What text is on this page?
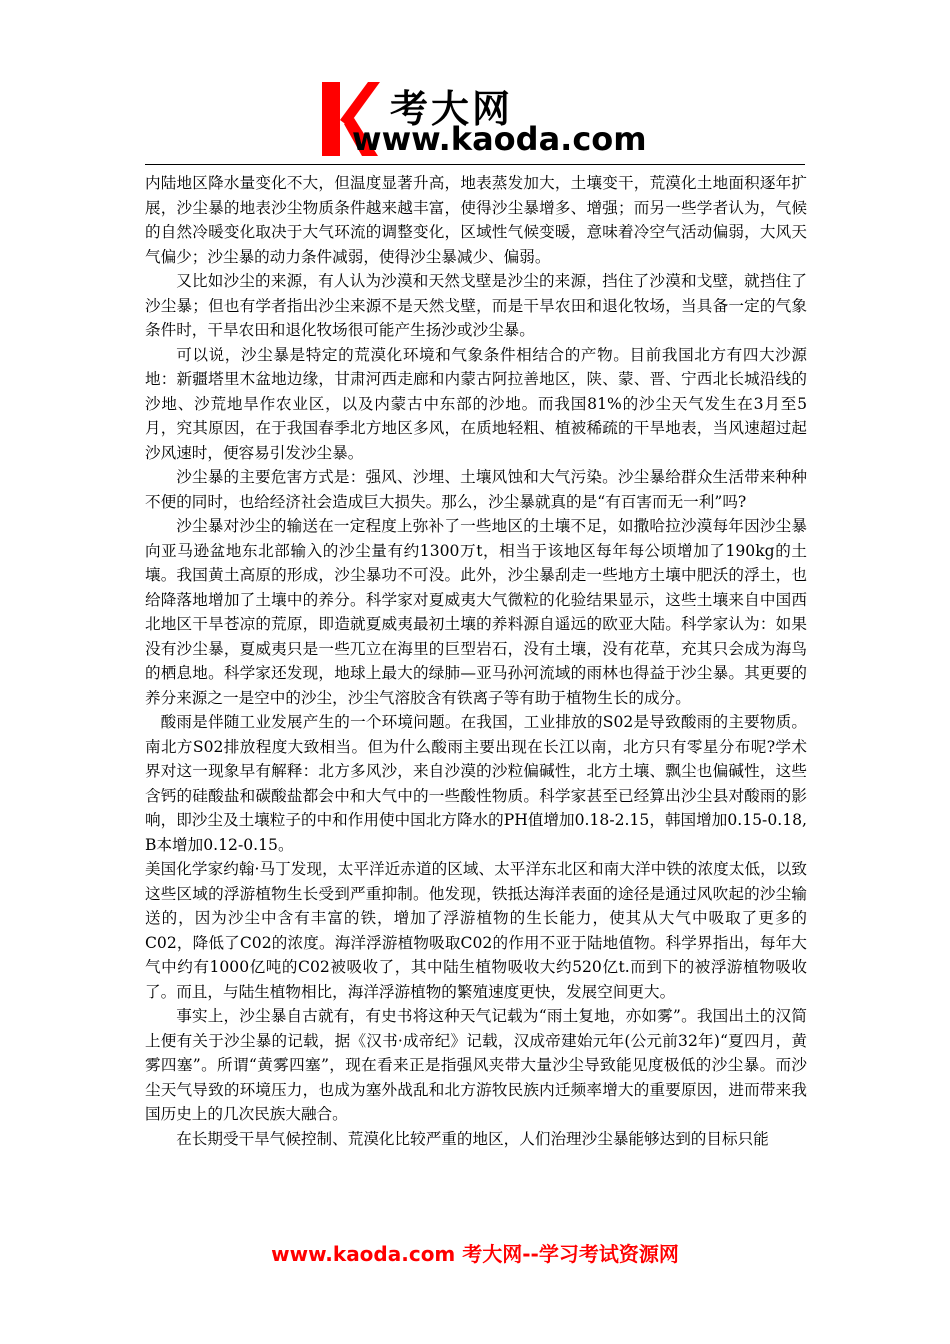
考大网
www.kaoda.com

内陆地区降水量变化不大，但温度显著升高，地表蒸发加大，土壤变干，荒漠化土地面积逐年扩展，沙尘暴的地表沙尘物质条件越来越丰富，使得沙尘暴增多、增强；而另一些学者认为，气候的自然冷暖变化取决于大气环流的调整变化，区域性气候变暖，意味着冷空气活动偏弱，大风天气偏少；沙尘暴的动力条件减弱，使得沙尘暴减少、偏弱。

又比如沙尘的来源，有人认为沙漠和天然戈壁是沙尘的来源，挡住了沙漠和戈壁，就挡住了沙尘暴；但也有学者指出沙尘来源不是天然戈壁，而是干旱农田和退化牧场，当具备一定的气象条件时，干旱农田和退化牧场很可能产生扬沙或沙尘暴。

可以说，沙尘暴是特定的荒漠化环境和气象条件相结合的产物。目前我国北方有四大沙源地：新疆塔里木盆地边缘，甘肃河西走廊和内蒙古阿拉善地区，陕、蒙、晋、宁西北长城沿线的沙地、沙荒地旱作农业区，以及内蒙古中东部的沙地。而我国81%的沙尘天气发生在3月至5月，究其原因，在于我国春季北方地区多风，在质地轻粗、植被稀疏的干旱地表，当风速超过起沙风速时，便容易引发沙尘暴。

沙尘暴的主要危害方式是：强风、沙埋、土壤风蚀和大气污染。沙尘暴给群众生活带来种种不便的同时，也给经济社会造成巨大损失。那么，沙尘暴就真的是“有百害而无一利”吗?

沙尘暴对沙尘的输送在一定程度上弥补了一些地区的土壤不足，如撒哈拉沙漠每年因沙尘暴向亚马逊盆地东北部输入的沙尘量有约1300万t，相当于该地区每年每公顷增加了190kg的土壤。我国黄土高原的形成，沙尘暴功不可没。此外，沙尘暴刮走一些地方土壤中肥沃的浮土，也给降落地增加了土壤中的养分。科学家对夏威夷大气微粒的化验结果显示，这些土壤来自中国西北地区干旱苍凉的荒原，即造就夏威夷最初土壤的养料源自遥远的欧亚大陆。科学家认为：如果没有沙尘暴，夏威夷只是一些兀立在海里的巨型岩石，没有土壤，没有花草，充其只会成为海鸟的栖息地。科学家还发现，地球上最大的绿肺—亚马孙河流域的雨林也得益于沙尘暴。其更要的养分来源之一是空中的沙尘，沙尘气溶胶含有铁离子等有助于植物生长的成分。

酸雨是伴随工业发展产生的一个环境问题。在我国，工业排放的S02是导致酸雨的主要物质。南北方S02排放程度大致相当。但为什么酸雨主要出现在长江以南，北方只有零星分布呢?学术界对这一现象早有解释：北方多风沙，来自沙漠的沙粒偏碱性，北方土壤、飘尘也偏碱性，这些含钙的硅酸盐和碳酸盐都会中和大气中的一些酸性物质。科学家甚至已经算出沙尘县对酸雨的影响，即沙尘及土壤粒子的中和作用使中国北方降水的PH值增加0.18-2.15，韩国增加0.15-0.18, B本增加0.12-0.15。

美国化学家约翰·马丁发现，太平洋近赤道的区域、太平洋东北区和南大洋中铁的浓度太低，以致这些区域的浮游植物生长受到严重抑制。他发现，铁抵达海洋表面的途径是通过风吹起的沙尘输送的，因为沙尘中含有丰富的铁，增加了浮游植物的生长能力，使其从大气中吸取了更多的C02，降低了C02的浓度。海洋浮游植物吸取C02的作用不亚于陆地值物。科学界指出，每年大气中约有1000亿吨的C02被吸收了，其中陆生植物吸收大约520亿t.而到下的被浮游植物吸收了。而且，与陆生植物相比，海洋浮游植物的繁殖速度更快，发展空间更大。

事实上，沙尘暴自古就有，有史书将这种天气记载为“雨土复地，亦如雾”。我国出土的汉简上便有关于沙尘暴的记载，据《汉书·成帝纪》记载，汉成帝建始元年(公元前32年)“夏四月，黄雾四塞”。所谓“黄雾四塞”，现在看来正是指强风夹带大量沙尘导致能见度极低的沙尘暴。而沙尘天气导致的环境压力，也成为塞外战乱和北方游牧民族内迁频率增大的重要原因，进而带来我国历史上的几次民族大融合。

在长期受干旱气候控制、荒漠化比较严重的地区，人们治理沙尘暴能够达到的目标只能

www.kaoda.com 考大网--学习考试资源网
